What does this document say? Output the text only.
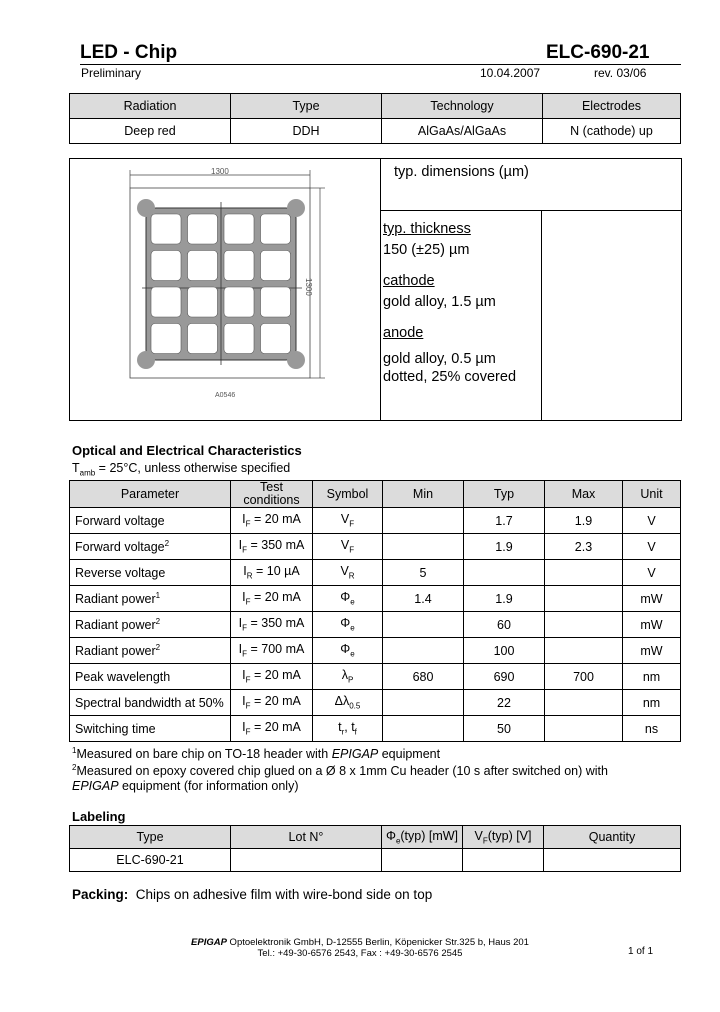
LED - Chip	ELC-690-21
Preliminary	10.04.2007	rev. 03/06
Radiation	Type	Technology	Electrodes
Deep red	DDH	AlGaAs/AlGaAs	N (cathode) up
1300
1300
A0546
typ. dimensions (µm)
typ. thickness
150 (±25) µm
cathode
gold alloy, 1.5 µm
anode
gold alloy, 0.5 µm
dotted, 25% covered
Optical and Electrical Characteristics
$T_{amb} = 25^\circ C$, unless otherwise specified
Parameter	Test conditions	Symbol	Min	Typ	Max	Unit
Forward voltage	$I_F = 20$ mA	$V_F$		1.7	1.9	V
Forward voltage$^2$	$I_F = 350$ mA	$V_F$		1.9	2.3	V
Reverse voltage	$I_R = 10$ µA	$V_R$	5			V
Radiant power$^1$	$I_F = 20$ mA	$\Phi_e$	1.4	1.9		mW
Radiant power$^2$	$I_F = 350$ mA	$\Phi_e$		60		mW
Radiant power$^2$	$I_F = 700$ mA	$\Phi_e$		100		mW
Peak wavelength	$I_F = 20$ mA	$\lambda_P$	680	690	700	nm
Spectral bandwidth at 50%	$I_F = 20$ mA	$\Delta\lambda_{0.5}$		22		nm
Switching time	$I_F = 20$ mA	$t_r$, $t_f$		50		ns
$^1$Measured on bare chip on TO-18 header with EPIGAP equipment
$^2$Measured on epoxy covered chip glued on a Ø 8 x 1mm Cu header (10 s after switched on) with
EPIGAP equipment (for information only)
Labeling
Type	Lot N°	$\Phi_e(typ)$ [mW]	$V_F(typ)$ [V]	Quantity
ELC-690-21				
Packing: Chips on adhesive film with wire-bond side on top
EPIGAP Optoelektronik GmbH, D-12555 Berlin, Köpenicker Str.325 b, Haus 201
Tel.: +49-30-6576 2543, Fax : +49-30-6576 2545	1 of 1
